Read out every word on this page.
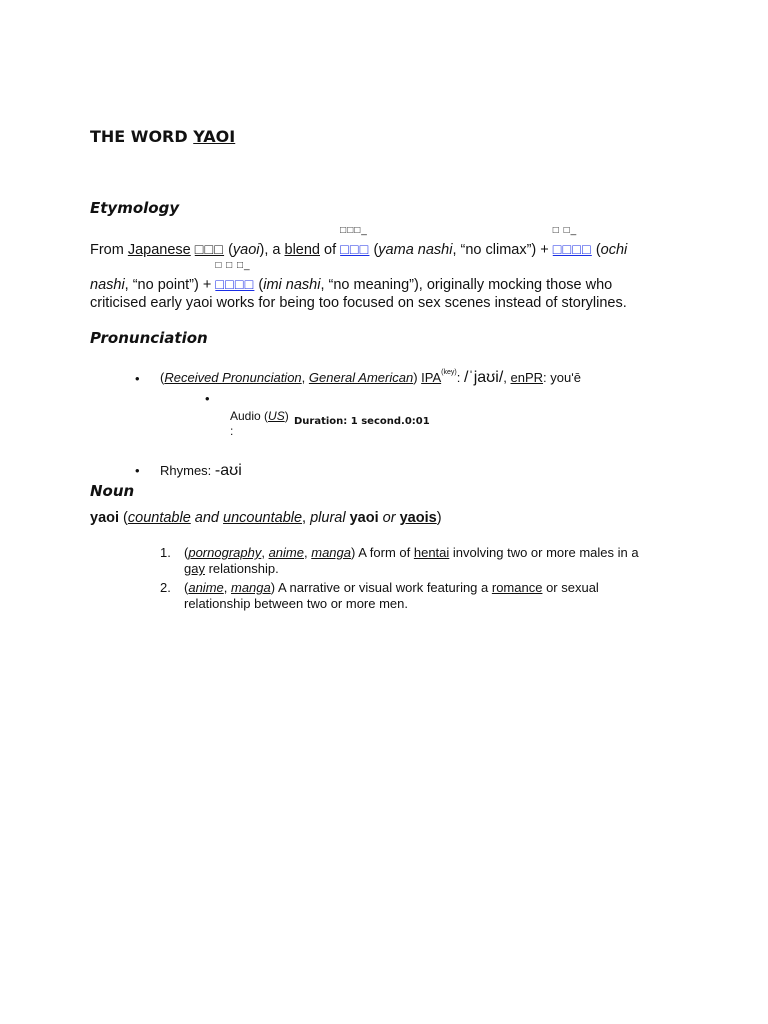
THE WORD YAOI
Etymology
From Japanese □□□ (yaoi), a blend of
□□□_
□□□ (yama nashi, “no climax”) +
□ □_
□□□□ (ochi
nashi, “no point”) +
□ □ □_
□□□□ (imi nashi, “no meaning”), originally mocking those who
criticised early yaoi works for being too focused on sex scenes instead of storylines.
Pronunciation
• (Received Pronunciation, General American) $IPA^{(key)}$: /ˈjaʊi/, enPR: youʹē
•
Audio (US)
:
Duration: 1 second.0:01
• Rhymes: -aʊi
Noun
yaoi (countable and uncountable, plural yaoi or yaois)
1. (pornography, anime, manga) A form of hentai involving two or more males in a gay relationship.
2. (anime, manga) A narrative or visual work featuring a romance or sexual relationship between two or more men.
